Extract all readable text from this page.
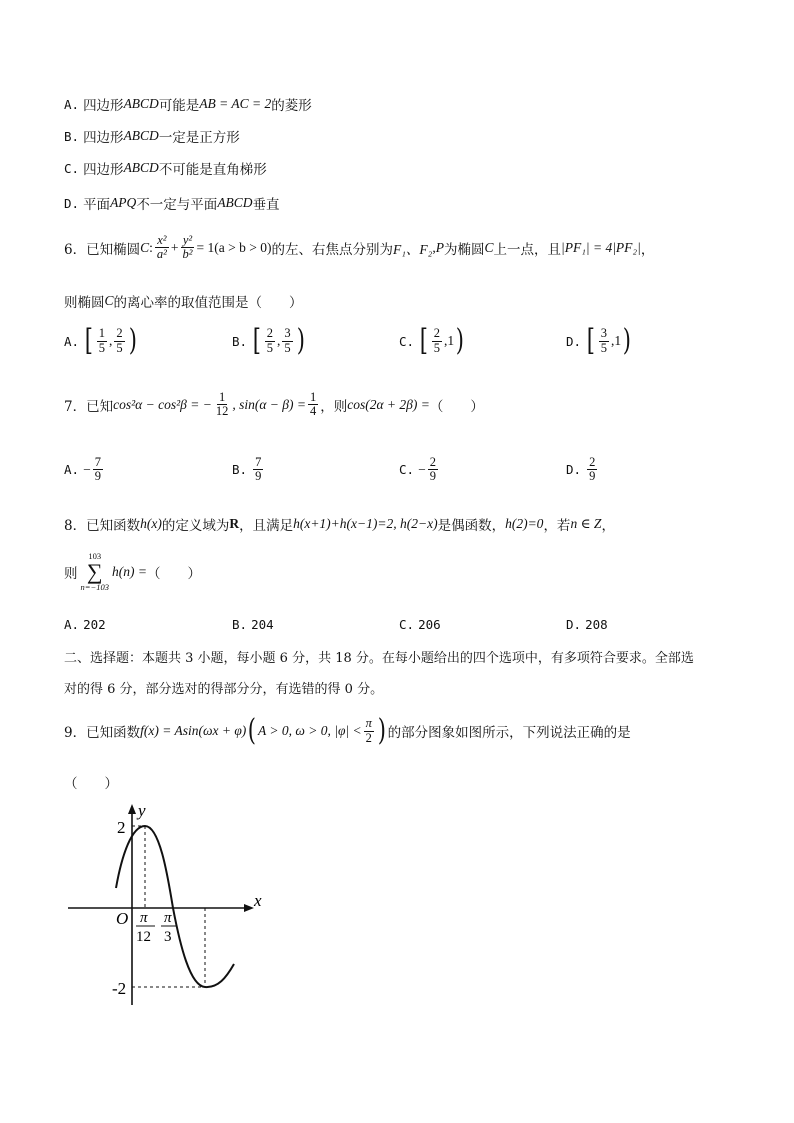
A. 四边形 ABCD 可能是 AB = AC = 2 的菱形
B. 四边形 ABCD 一定是正方形
C. 四边形 ABCD 不可能是直角梯形
D. 平面 APQ 不一定与平面 ABCD 垂直
6． 已知椭圆 C : $\frac{\text{x²}}{\text{a²}} + \frac{\text{y²}}{\text{b²}} = 1(a > b > 0)$ 的左、右焦点分别为 F₁、F₂ , P 为椭圆 C 上一点，且 |PF₁| = 4|PF₂| ，
则椭圆 C 的离心率的取值范围是（　　）
A. [ $\frac{1}{5}$ , $\frac{2}{5}$ )	B. [ $\frac{2}{5}$ , $\frac{3}{5}$ )	C. [ $\frac{2}{5}$ , 1 )	D. [ $\frac{3}{5}$ , 1 )
7． 已知 cos²α − cos²β = − $\frac{1}{12}$ , $\sin(\alpha - \beta) = \frac{1}{4}$ ，则 cos(2α + 2β) = （　　）
A. − $\frac{7}{9}$	B. $\frac{7}{9}$	C. − $\frac{2}{9}$	D. $\frac{2}{9}$
8． 已知函数 h(x) 的定义域为 R ，且满足 h(x+1)+h(x−1)=2, h(2−x) 是偶函数， h(2)=0 ，若 n ∈ Z ，
则
103
∑
n=−103
h(n) = （　　）
A. 202	B. 204	C. 206	D. 208
二、选择题：本题共 3 小题，每小题 6 分，共 18 分。在每小题给出的四个选项中，有多项符合要求。全部选
对的得 6 分，部分选对的得部分分，有选错的得 0 分。
9． 已知函数 f(x) = Asin(ωx + φ) ( A > 0, ω > 0, $|\varphi| < \frac{\pi}{2}$ ) 的部分图象如图所示，下列说法正确的是
（　　）
y
x
O
2
-2
π
12
π
3
